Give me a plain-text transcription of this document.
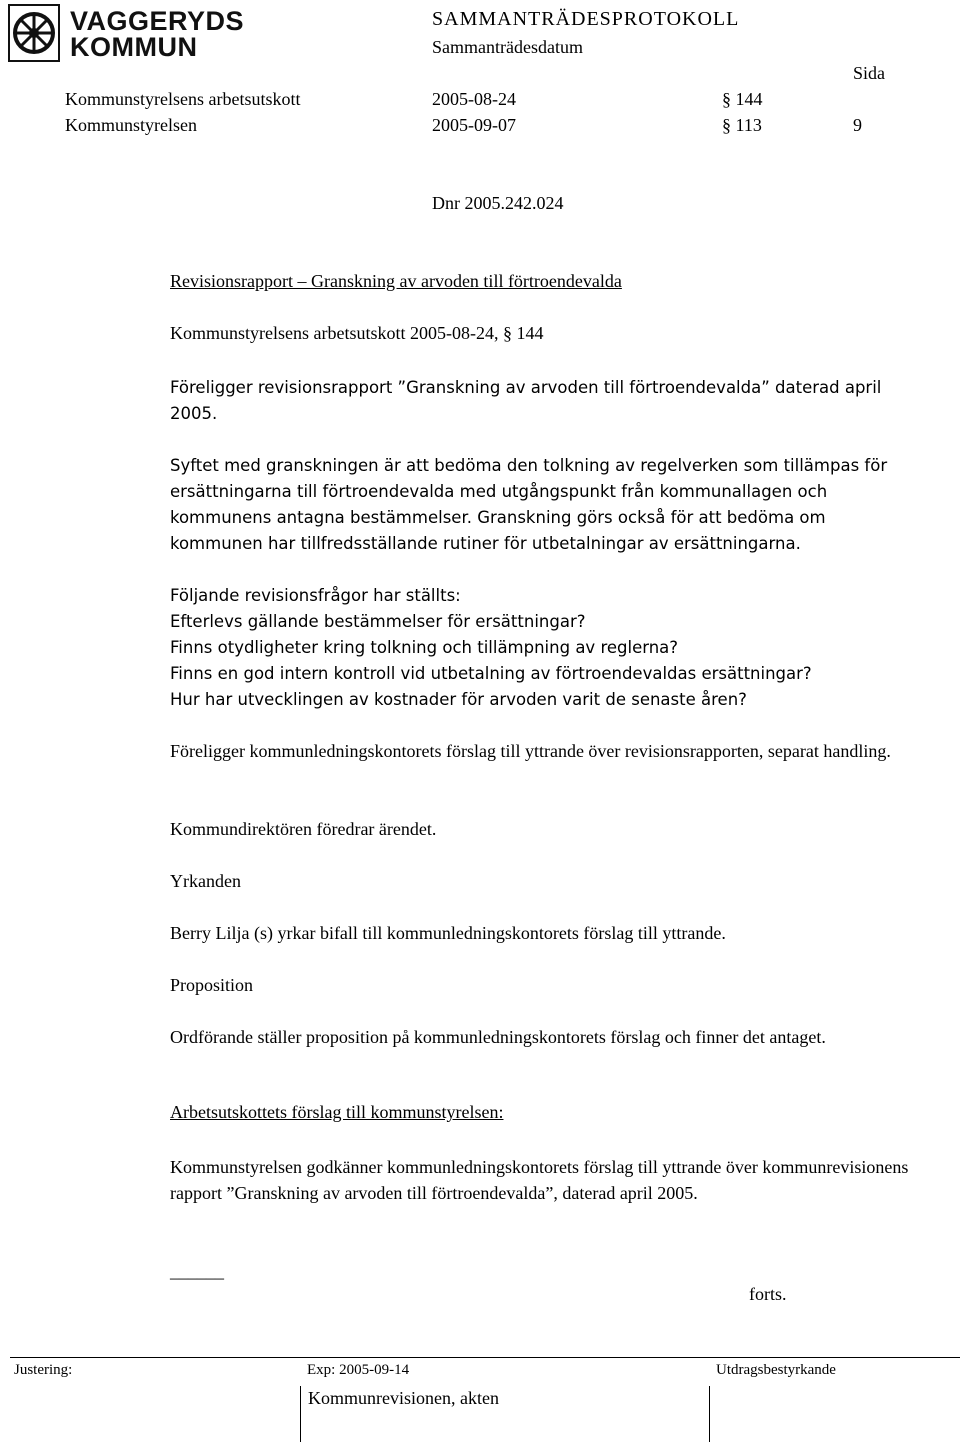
VAGGERYDS
KOMMUN
SAMMANTRÄDESPROTOKOLL
Sammanträdesdatum
Sida
Kommunstyrelsens arbetsutskott	2005-08-24	§ 144
Kommunstyrelsen	2005-09-07	§ 113	9
Dnr 2005.242.024
Revisionsrapport – Granskning av arvoden till förtroendevalda
Kommunstyrelsens arbetsutskott 2005-08-24, § 144

Föreligger revisionsrapport ”Granskning av arvoden till förtroendevalda” daterad april 2005.

Syftet med granskningen är att bedöma den tolkning av regelverken som tillämpas för ersättningarna till förtroendevalda med utgångspunkt från kommunallagen och kommunens antagna bestämmelser. Granskning görs också för att bedöma om kommunen har tillfredsställande rutiner för utbetalningar av ersättningarna.

Följande revisionsfrågor har ställts:

Efterlevs gällande bestämmelser för ersättningar?

Finns otydligheter kring tolkning och tillämpning av reglerna?

Finns en god intern kontroll vid utbetalning av förtroendevaldas ersättningar?

Hur har utvecklingen av kostnader för arvoden varit de senaste åren?

Föreligger kommunledningskontorets förslag till yttrande över revisionsrapporten, separat handling.

Kommundirektören föredrar ärendet.

Yrkanden

Berry Lilja (s) yrkar bifall till kommunledningskontorets förslag till yttrande.

Proposition

Ordförande ställer proposition på kommunledningskontorets förslag och finner det antaget.

Arbetsutskottets förslag till kommunstyrelsen:

Kommunstyrelsen godkänner kommunledningskontorets förslag till yttrande över kommunrevisionens rapport ”Granskning av arvoden till förtroendevalda”, daterad april 2005.

______
forts.
Justering:	Exp: 2005-09-14	Utdragsbestyrkande
Kommunrevisionen, akten
